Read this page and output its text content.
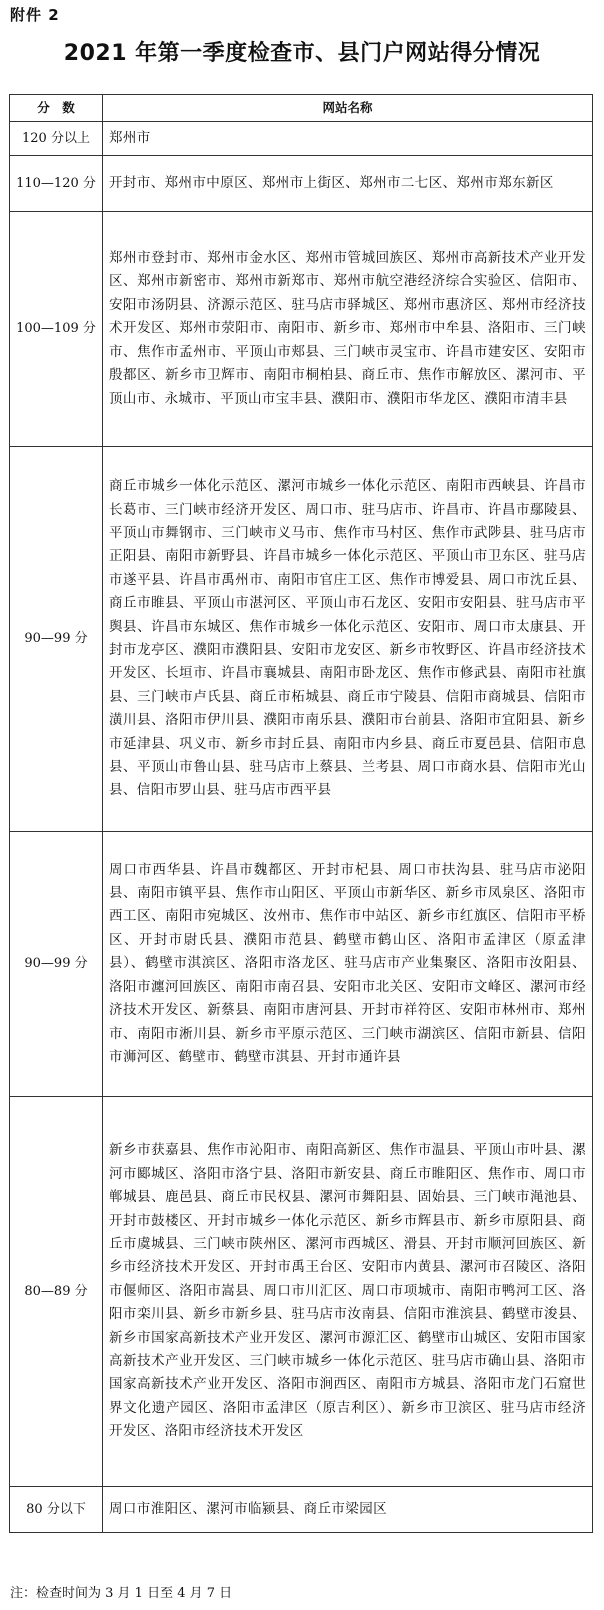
附件 2
2021 年第一季度检查市、县门户网站得分情况
分　数	网站名称
120 分以上	郑州市
110—120 分	开封市、郑州市中原区、郑州市上街区、郑州市二七区、郑州市郑东新区
100—109 分	郑州市登封市、郑州市金水区、郑州市管城回族区、郑州市高新技术产业开发区、郑州市新密市、郑州市新郑市、郑州市航空港经济综合实验区、信阳市、安阳市汤阴县、济源示范区、驻马店市驿城区、郑州市惠济区、郑州市经济技术开发区、郑州市荥阳市、南阳市、新乡市、郑州市中牟县、洛阳市、三门峡市、焦作市孟州市、平顶山市郏县、三门峡市灵宝市、许昌市建安区、安阳市殷都区、新乡市卫辉市、南阳市桐柏县、商丘市、焦作市解放区、漯河市、平顶山市、永城市、平顶山市宝丰县、濮阳市、濮阳市华龙区、濮阳市清丰县
90—99 分	商丘市城乡一体化示范区、漯河市城乡一体化示范区、南阳市西峡县、许昌市长葛市、三门峡市经济开发区、周口市、驻马店市、许昌市、许昌市鄢陵县、平顶山市舞钢市、三门峡市义马市、焦作市马村区、焦作市武陟县、驻马店市正阳县、南阳市新野县、许昌市城乡一体化示范区、平顶山市卫东区、驻马店市遂平县、许昌市禹州市、南阳市官庄工区、焦作市博爱县、周口市沈丘县、商丘市睢县、平顶山市湛河区、平顶山市石龙区、安阳市安阳县、驻马店市平舆县、许昌市东城区、焦作市城乡一体化示范区、安阳市、周口市太康县、开封市龙亭区、濮阳市濮阳县、安阳市龙安区、新乡市牧野区、许昌市经济技术开发区、长垣市、许昌市襄城县、南阳市卧龙区、焦作市修武县、南阳市社旗县、三门峡市卢氏县、商丘市柘城县、商丘市宁陵县、信阳市商城县、信阳市潢川县、洛阳市伊川县、濮阳市南乐县、濮阳市台前县、洛阳市宜阳县、新乡市延津县、巩义市、新乡市封丘县、南阳市内乡县、商丘市夏邑县、信阳市息县、平顶山市鲁山县、驻马店市上蔡县、兰考县、周口市商水县、信阳市光山县、信阳市罗山县、驻马店市西平县
90—99 分	周口市西华县、许昌市魏都区、开封市杞县、周口市扶沟县、驻马店市泌阳县、南阳市镇平县、焦作市山阳区、平顶山市新华区、新乡市凤泉区、洛阳市西工区、南阳市宛城区、汝州市、焦作市中站区、新乡市红旗区、信阳市平桥区、开封市尉氏县、濮阳市范县、鹤壁市鹤山区、洛阳市孟津区（原孟津县）、鹤壁市淇滨区、洛阳市洛龙区、驻马店市产业集聚区、洛阳市汝阳县、洛阳市瀍河回族区、南阳市南召县、安阳市北关区、安阳市文峰区、漯河市经济技术开发区、新蔡县、南阳市唐河县、开封市祥符区、安阳市林州市、郑州市、南阳市淅川县、新乡市平原示范区、三门峡市湖滨区、信阳市新县、信阳市浉河区、鹤壁市、鹤壁市淇县、开封市通许县
80—89 分	新乡市获嘉县、焦作市沁阳市、南阳高新区、焦作市温县、平顶山市叶县、漯河市郾城区、洛阳市洛宁县、洛阳市新安县、商丘市睢阳区、焦作市、周口市郸城县、鹿邑县、商丘市民权县、漯河市舞阳县、固始县、三门峡市渑池县、开封市鼓楼区、开封市城乡一体化示范区、新乡市辉县市、新乡市原阳县、商丘市虞城县、三门峡市陕州区、漯河市西城区、滑县、开封市顺河回族区、新乡市经济技术开发区、开封市禹王台区、安阳市内黄县、漯河市召陵区、洛阳市偃师区、洛阳市嵩县、周口市川汇区、周口市项城市、南阳市鸭河工区、洛阳市栾川县、新乡市新乡县、驻马店市汝南县、信阳市淮滨县、鹤壁市浚县、新乡市国家高新技术产业开发区、漯河市源汇区、鹤壁市山城区、安阳市国家高新技术产业开发区、三门峡市城乡一体化示范区、驻马店市确山县、洛阳市国家高新技术产业开发区、洛阳市涧西区、南阳市方城县、洛阳市龙门石窟世界文化遗产园区、洛阳市孟津区（原吉利区）、新乡市卫滨区、驻马店市经济开发区、洛阳市经济技术开发区
80 分以下	周口市淮阳区、漯河市临颍县、商丘市梁园区
注：检查时间为 3 月 1 日至 4 月 7 日
